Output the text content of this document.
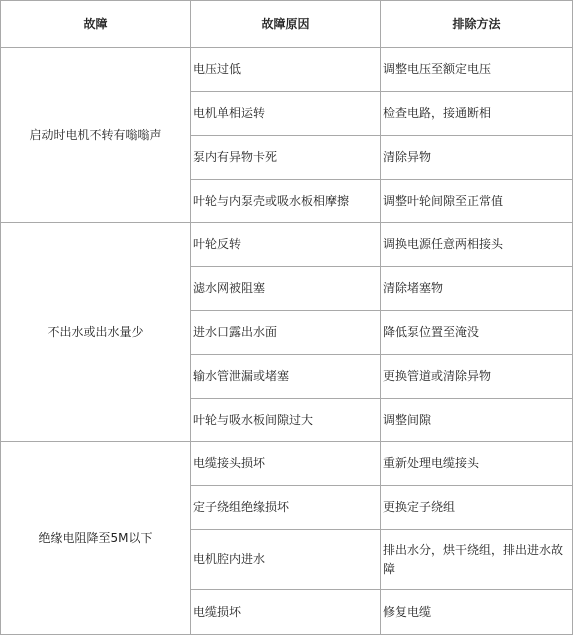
故障	故障原因	排除方法
启动时电机不转有嗡嗡声	电压过低	调整电压至额定电压
	电机单相运转	检查电路，接通断相
	泵内有异物卡死	清除异物
	叶轮与内泵壳或吸水板相摩擦	调整叶轮间隙至正常值
不出水或出水量少	叶轮反转	调换电源任意两相接头
	滤水网被阻塞	清除堵塞物
	进水口露出水面	降低泵位置至淹没
	输水管泄漏或堵塞	更换管道或清除异物
	叶轮与吸水板间隙过大	调整间隙
绝缘电阻降至5M以下	电缆接头损坏	重新处理电缆接头
	定子绕组绝缘损坏	更换定子绕组
	电机腔内进水	排出水分，烘干绕组，排出进水故障
	电缆损坏	修复电缆
